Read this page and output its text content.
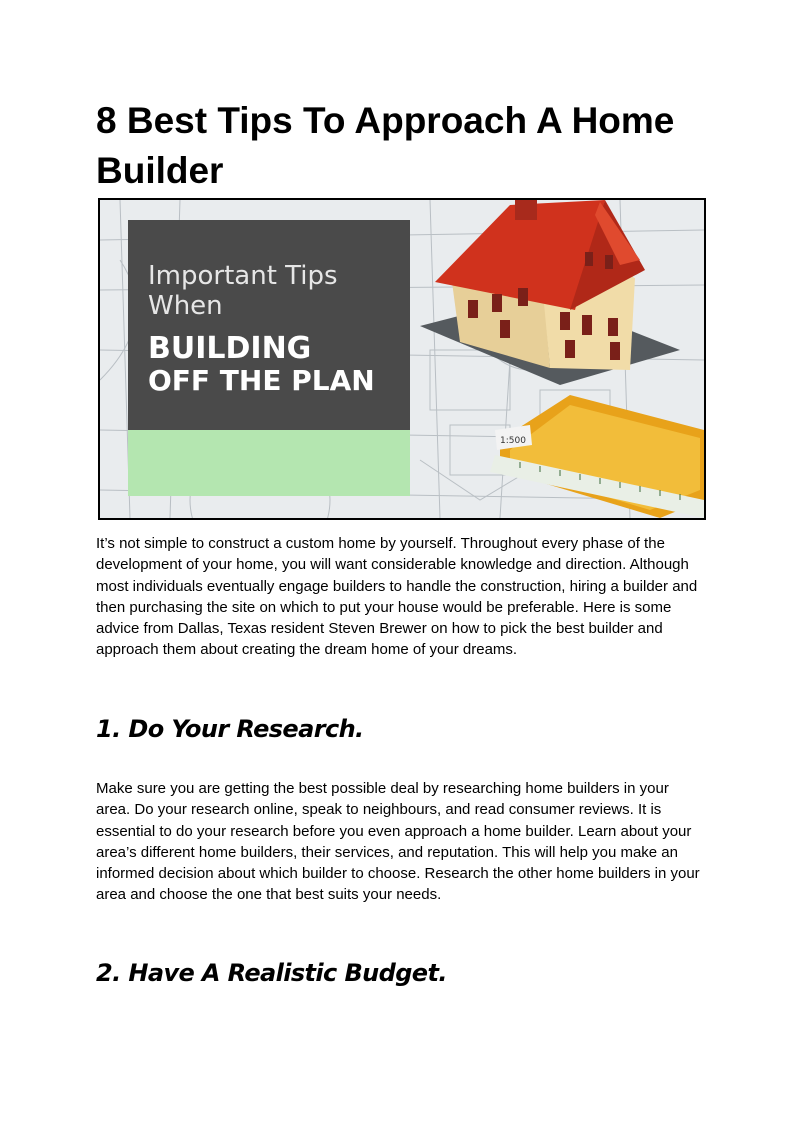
8 Best Tips To Approach A Home Builder
Important Tips
When
BUILDING
OFF THE PLAN
1:500

It’s not simple to construct a custom home by yourself. Throughout every phase of the development of your home, you will want considerable knowledge and direction. Although most individuals eventually engage builders to handle the construction, hiring a builder and then purchasing the site on which to put your house would be preferable. Here is some advice from Dallas, Texas resident Steven Brewer on how to pick the best builder and approach them about creating the dream home of your dreams.

1. Do Your Research.

Make sure you are getting the best possible deal by researching home builders in your area. Do your research online, speak to neighbours, and read consumer reviews. It is essential to do your research before you even approach a home builder. Learn about your area’s different home builders, their services, and reputation. This will help you make an informed decision about which builder to choose. Research the other home builders in your area and choose the one that best suits your needs.

2. Have A Realistic Budget.
